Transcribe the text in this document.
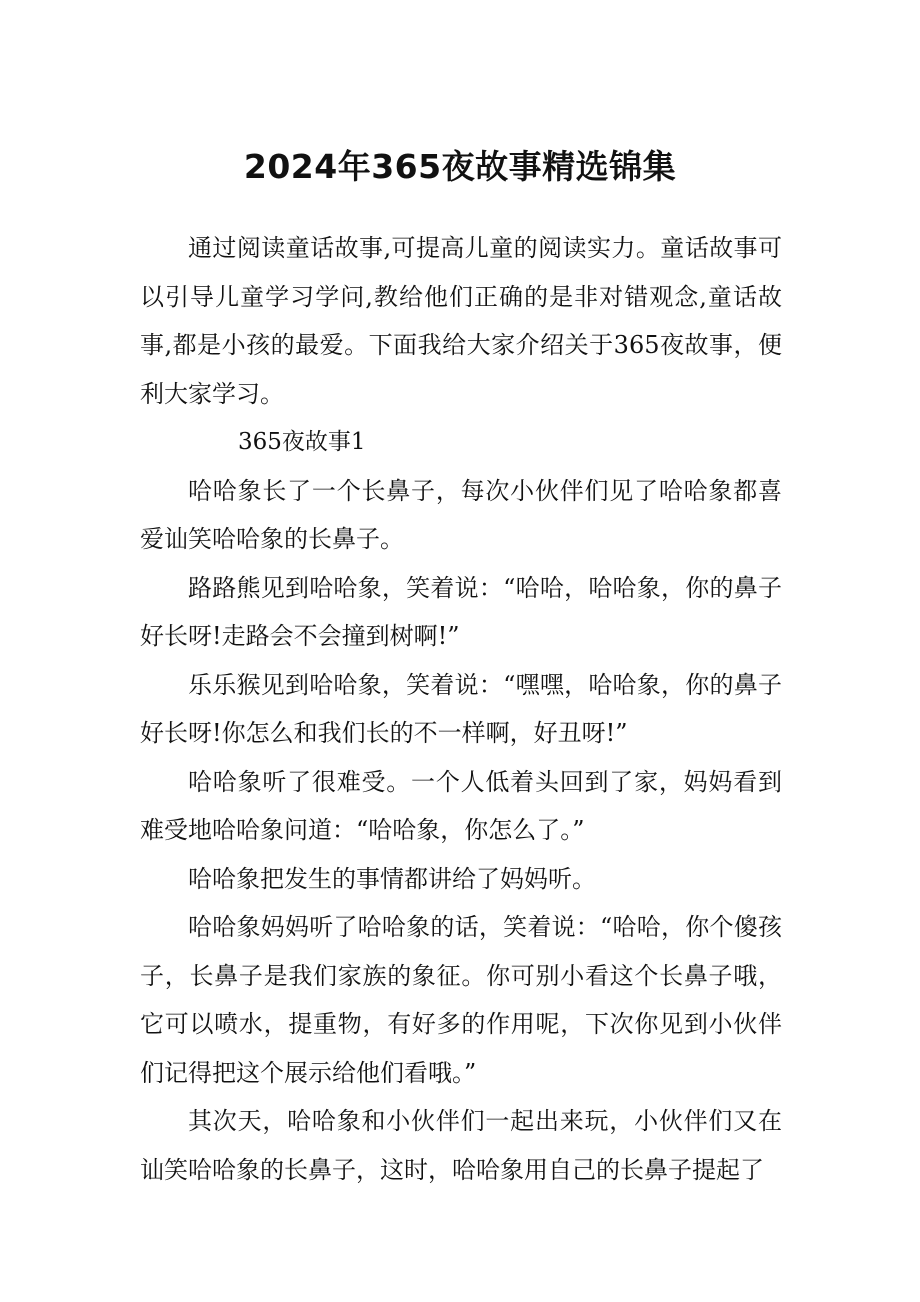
2024年365夜故事精选锦集

通过阅读童话故事,可提高儿童的阅读实力。童话故事可以引导儿童学习学问,教给他们正确的是非对错观念,童话故事,都是小孩的最爱。下面我给大家介绍关于365夜故事，便利大家学习。

365夜故事1

哈哈象长了一个长鼻子，每次小伙伴们见了哈哈象都喜爱讪笑哈哈象的长鼻子。

路路熊见到哈哈象，笑着说：“哈哈，哈哈象，你的鼻子好长呀!走路会不会撞到树啊!”

乐乐猴见到哈哈象，笑着说：“嘿嘿，哈哈象，你的鼻子好长呀!你怎么和我们长的不一样啊，好丑呀!”

哈哈象听了很难受。一个人低着头回到了家，妈妈看到难受地哈哈象问道：“哈哈象，你怎么了。”

哈哈象把发生的事情都讲给了妈妈听。

哈哈象妈妈听了哈哈象的话，笑着说：“哈哈，你个傻孩子，长鼻子是我们家族的象征。你可别小看这个长鼻子哦，它可以喷水，提重物，有好多的作用呢，下次你见到小伙伴们记得把这个展示给他们看哦。”

其次天，哈哈象和小伙伴们一起出来玩，小伙伴们又在讪笑哈哈象的长鼻子，这时，哈哈象用自己的长鼻子提起了
